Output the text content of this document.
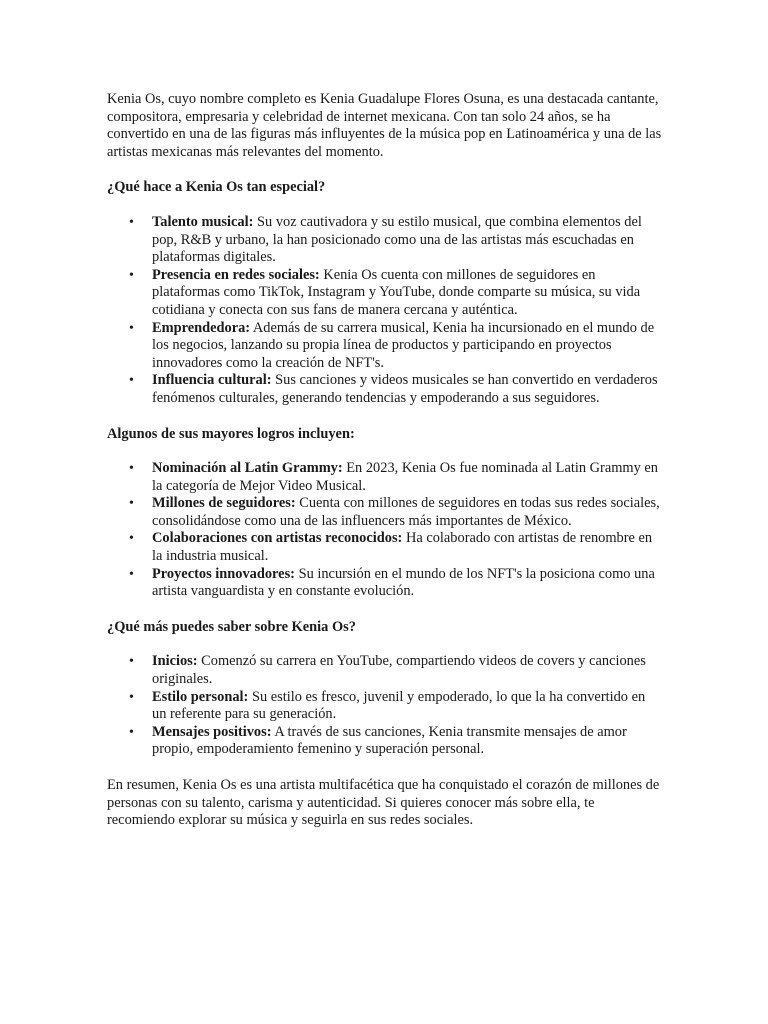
Kenia Os, cuyo nombre completo es Kenia Guadalupe Flores Osuna, es una destacada cantante, compositora, empresaria y celebridad de internet mexicana. Con tan solo 24 años, se ha convertido en una de las figuras más influyentes de la música pop en Latinoamérica y una de las artistas mexicanas más relevantes del momento.

¿Qué hace a Kenia Os tan especial?

• Talento musical: Su voz cautivadora y su estilo musical, que combina elementos del pop, R&B y urbano, la han posicionado como una de las artistas más escuchadas en plataformas digitales.
• Presencia en redes sociales: Kenia Os cuenta con millones de seguidores en plataformas como TikTok, Instagram y YouTube, donde comparte su música, su vida cotidiana y conecta con sus fans de manera cercana y auténtica.
• Emprendedora: Además de su carrera musical, Kenia ha incursionado en el mundo de los negocios, lanzando su propia línea de productos y participando en proyectos innovadores como la creación de NFT's.
• Influencia cultural: Sus canciones y videos musicales se han convertido en verdaderos fenómenos culturales, generando tendencias y empoderando a sus seguidores.

Algunos de sus mayores logros incluyen:

• Nominación al Latin Grammy: En 2023, Kenia Os fue nominada al Latin Grammy en la categoría de Mejor Video Musical.
• Millones de seguidores: Cuenta con millones de seguidores en todas sus redes sociales, consolidándose como una de las influencers más importantes de México.
• Colaboraciones con artistas reconocidos: Ha colaborado con artistas de renombre en la industria musical.
• Proyectos innovadores: Su incursión en el mundo de los NFT's la posiciona como una artista vanguardista y en constante evolución.

¿Qué más puedes saber sobre Kenia Os?

• Inicios: Comenzó su carrera en YouTube, compartiendo videos de covers y canciones originales.
• Estilo personal: Su estilo es fresco, juvenil y empoderado, lo que la ha convertido en un referente para su generación.
• Mensajes positivos: A través de sus canciones, Kenia transmite mensajes de amor propio, empoderamiento femenino y superación personal.

En resumen, Kenia Os es una artista multifacética que ha conquistado el corazón de millones de personas con su talento, carisma y autenticidad. Si quieres conocer más sobre ella, te recomiendo explorar su música y seguirla en sus redes sociales.
